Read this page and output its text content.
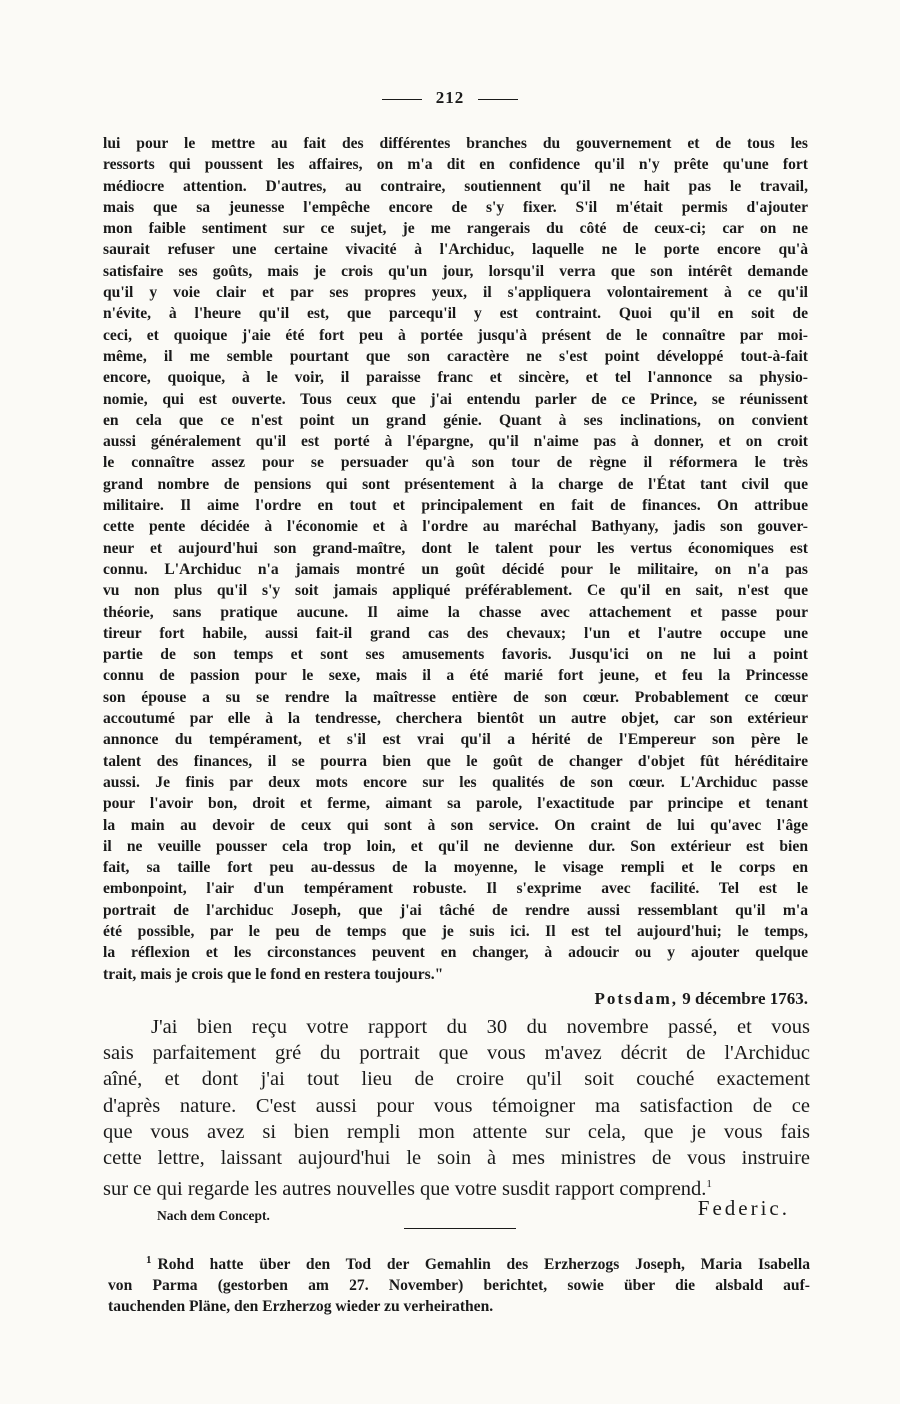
212
lui pour le mettre au fait des différentes branches du gouvernement et de tous les
ressorts qui poussent les affaires, on m'a dit en confidence qu'il n'y prête qu'une fort
médiocre attention. D'autres, au contraire, soutiennent qu'il ne hait pas le travail,
mais que sa jeunesse l'empêche encore de s'y fixer. S'il m'était permis d'ajouter
mon faible sentiment sur ce sujet, je me rangerais du côté de ceux-ci; car on ne
saurait refuser une certaine vivacité à l'Archiduc, laquelle ne le porte encore qu'à
satisfaire ses goûts, mais je crois qu'un jour, lorsqu'il verra que son intérêt demande
qu'il y voie clair et par ses propres yeux, il s'appliquera volontairement à ce qu'il
n'évite, à l'heure qu'il est, que parcequ'il y est contraint. Quoi qu'il en soit de
ceci, et quoique j'aie été fort peu à portée jusqu'à présent de le connaître par moi-
même, il me semble pourtant que son caractère ne s'est point développé tout-à-fait
encore, quoique, à le voir, il paraisse franc et sincère, et tel l'annonce sa physio-
nomie, qui est ouverte. Tous ceux que j'ai entendu parler de ce Prince, se réunissent
en cela que ce n'est point un grand génie. Quant à ses inclinations, on convient
aussi généralement qu'il est porté à l'épargne, qu'il n'aime pas à donner, et on croit
le connaître assez pour se persuader qu'à son tour de règne il réformera le très
grand nombre de pensions qui sont présentement à la charge de l'État tant civil que
militaire. Il aime l'ordre en tout et principalement en fait de finances. On attribue
cette pente décidée à l'économie et à l'ordre au maréchal Bathyany, jadis son gouver-
neur et aujourd'hui son grand-maître, dont le talent pour les vertus économiques est
connu. L'Archiduc n'a jamais montré un goût décidé pour le militaire, on n'a pas
vu non plus qu'il s'y soit jamais appliqué préférablement. Ce qu'il en sait, n'est que
théorie, sans pratique aucune. Il aime la chasse avec attachement et passe pour
tireur fort habile, aussi fait-il grand cas des chevaux; l'un et l'autre occupe une
partie de son temps et sont ses amusements favoris. Jusqu'ici on ne lui a point
connu de passion pour le sexe, mais il a été marié fort jeune, et feu la Princesse
son épouse a su se rendre la maîtresse entière de son cœur. Probablement ce cœur
accoutumé par elle à la tendresse, cherchera bientôt un autre objet, car son extérieur
annonce du tempérament, et s'il est vrai qu'il a hérité de l'Empereur son père le
talent des finances, il se pourra bien que le goût de changer d'objet fût héréditaire
aussi. Je finis par deux mots encore sur les qualités de son cœur. L'Archiduc passe
pour l'avoir bon, droit et ferme, aimant sa parole, l'exactitude par principe et tenant
la main au devoir de ceux qui sont à son service. On craint de lui qu'avec l'âge
il ne veuille pousser cela trop loin, et qu'il ne devienne dur. Son extérieur est bien
fait, sa taille fort peu au-dessus de la moyenne, le visage rempli et le corps en
embonpoint, l'air d'un tempérament robuste. Il s'exprime avec facilité. Tel est le
portrait de l'archiduc Joseph, que j'ai tâché de rendre aussi ressemblant qu'il m'a
été possible, par le peu de temps que je suis ici. Il est tel aujourd'hui; le temps,
la réflexion et les circonstances peuvent en changer, à adoucir ou y ajouter quelque
trait, mais je crois que le fond en restera toujours."
Potsdam, 9 décembre 1763.
J'ai bien reçu votre rapport du 30 du novembre passé, et vous
sais parfaitement gré du portrait que vous m'avez décrit de l'Archiduc
aîné, et dont j'ai tout lieu de croire qu'il soit couché exactement
d'après nature. C'est aussi pour vous témoigner ma satisfaction de ce
que vous avez si bien rempli mon attente sur cela, que je vous fais
cette lettre, laissant aujourd'hui le soin à mes ministres de vous instruire
sur ce qui regarde les autres nouvelles que votre susdit rapport comprend.$^1$
Nach dem Concept.	Federic.
$^1$ Rohd hatte über den Tod der Gemahlin des Erzherzogs Joseph, Maria Isabella
von Parma (gestorben am 27. November) berichtet, sowie über die alsbald auf-
tauchenden Pläne, den Erzherzog wieder zu verheirathen.
